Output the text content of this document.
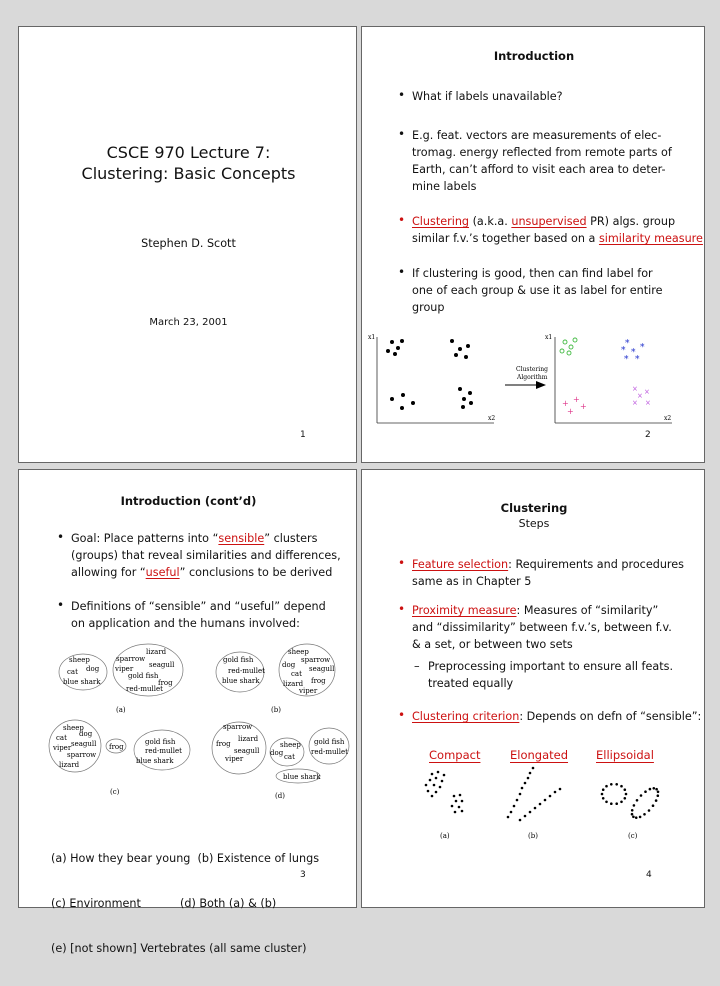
CSCE 970 Lecture 7:
Clustering: Basic Concepts
Stephen D. Scott
March 23, 2001
1
Introduction
• What if labels unavailable?
• E.g. feat. vectors are measurements of elec-
tromag. energy reflected from remote parts of
Earth, can’t afford to visit each area to deter-
mine labels
• Clustering (a.k.a. unsupervised PR) algs. group
similar f.v.’s together based on a similarity measure
• If clustering is good, then can find label for
one of each group & use it as label for entire
group
x1
x2
Clustering
Algorithm
x1
x2
* *
* *
* *
+
+ +
+
× ×
×
× ×
2
Introduction (cont’d)
• Goal: Place patterns into “sensible” clusters
(groups) that reveal similarities and differences,
allowing for “useful” conclusions to be derived
• Definitions of “sensible” and “useful” depend
on application and the humans involved:
sheep
dog
cat
blue shark
lizard
sparrow
viper seagull
gold fish
frog
red-mullet
(a)
gold fish
red-mullet
blue shark
sheep
sparrow
dog seagull
cat
lizard frog
viper
(b)
sheep
dog
cat
seagull
viper
sparrow
lizard
frog
gold fish
red-mullet
blue shark
(c)
sparrow
lizard
frog
seagull
viper
sheep
dog cat
gold fish
red-mullet
blue shark
(d)

(a) How they bear young  (b) Existence of lungs

(c) Environment           (d) Both (a) & (b)

(e) [not shown] Vertebrates (all same cluster)

3
Clustering
Steps
• Feature selection: Requirements and procedures
same as in Chapter 5
• Proximity measure: Measures of “similarity”
and “dissimilarity” between f.v.’s, between f.v.
& a set, or between two sets
– Preprocessing important to ensure all feats.
treated equally
• Clustering criterion: Depends on defn of “sensible”:
Compact	Elongated Ellipsoidal
(a)	(b)	(c)
4
